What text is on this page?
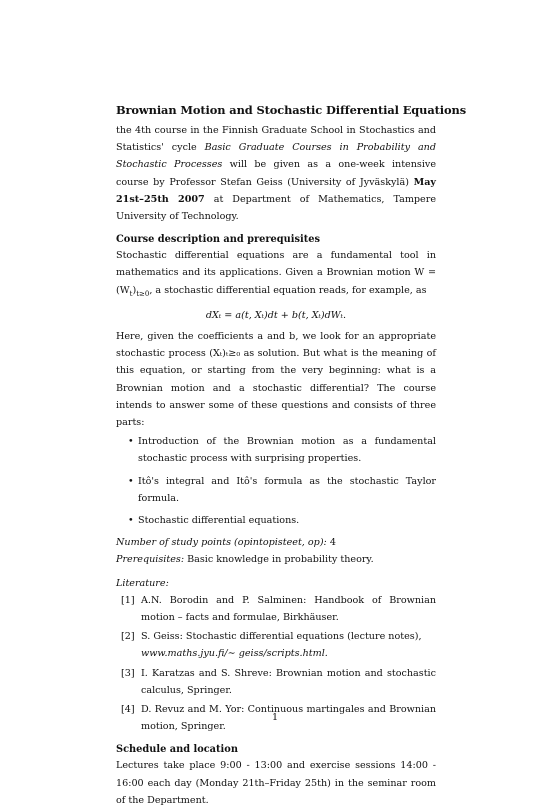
Brownian Motion and Stochastic Differential Equations

the 4th course in the Finnish Graduate School in Stochastics and Statistics' cycle Basic Graduate Courses in Probability and Stochastic Processes will be given as a one-week intensive course by Professor Stefan Geiss (University of Jyväskylä) May 21st–25th 2007 at Department of Mathematics, Tampere University of Technology.

Course description and prerequisites

Stochastic differential equations are a fundamental tool in mathematics and its applications. Given a Brownian motion $W = (W_t)_{t\ge 0}$, a stochastic differential equation reads, for example, as

dXₜ = a(t, Xₜ)dt + b(t, Xₜ)dWₜ.

Here, given the coefficients a and b, we look for an appropriate stochastic process (Xₜ)ₜ≥₀ as solution. But what is the meaning of this equation, or starting from the very beginning: what is a Brownian motion and a stochastic differential? The course intends to answer some of these questions and consists of three parts:

• Introduction of the Brownian motion as a fundamental stochastic process with surprising properties.
• Itô's integral and Itô's formula as the stochastic Taylor formula.
• Stochastic differential equations.

Number of study points (opintopisteet, op): 4

Prerequisites: Basic knowledge in probability theory.

Literature:

[1] A.N. Borodin and P. Salminen: Handbook of Brownian motion – facts and formulae, Birkhäuser.
[2] S. Geiss: Stochastic differential equations (lecture notes),
www.maths.jyu.fi/∼ geiss/scripts.html.
[3] I. Karatzas and S. Shreve: Brownian motion and stochastic calculus, Springer.
[4] D. Revuz and M. Yor: Continuous martingales and Brownian motion, Springer.
Schedule and location

Lectures take place 9:00 - 13:00 and exercise sessions 14:00 - 16:00 each day (Monday 21th–Friday 25th) in the seminar room of the Department.

1
